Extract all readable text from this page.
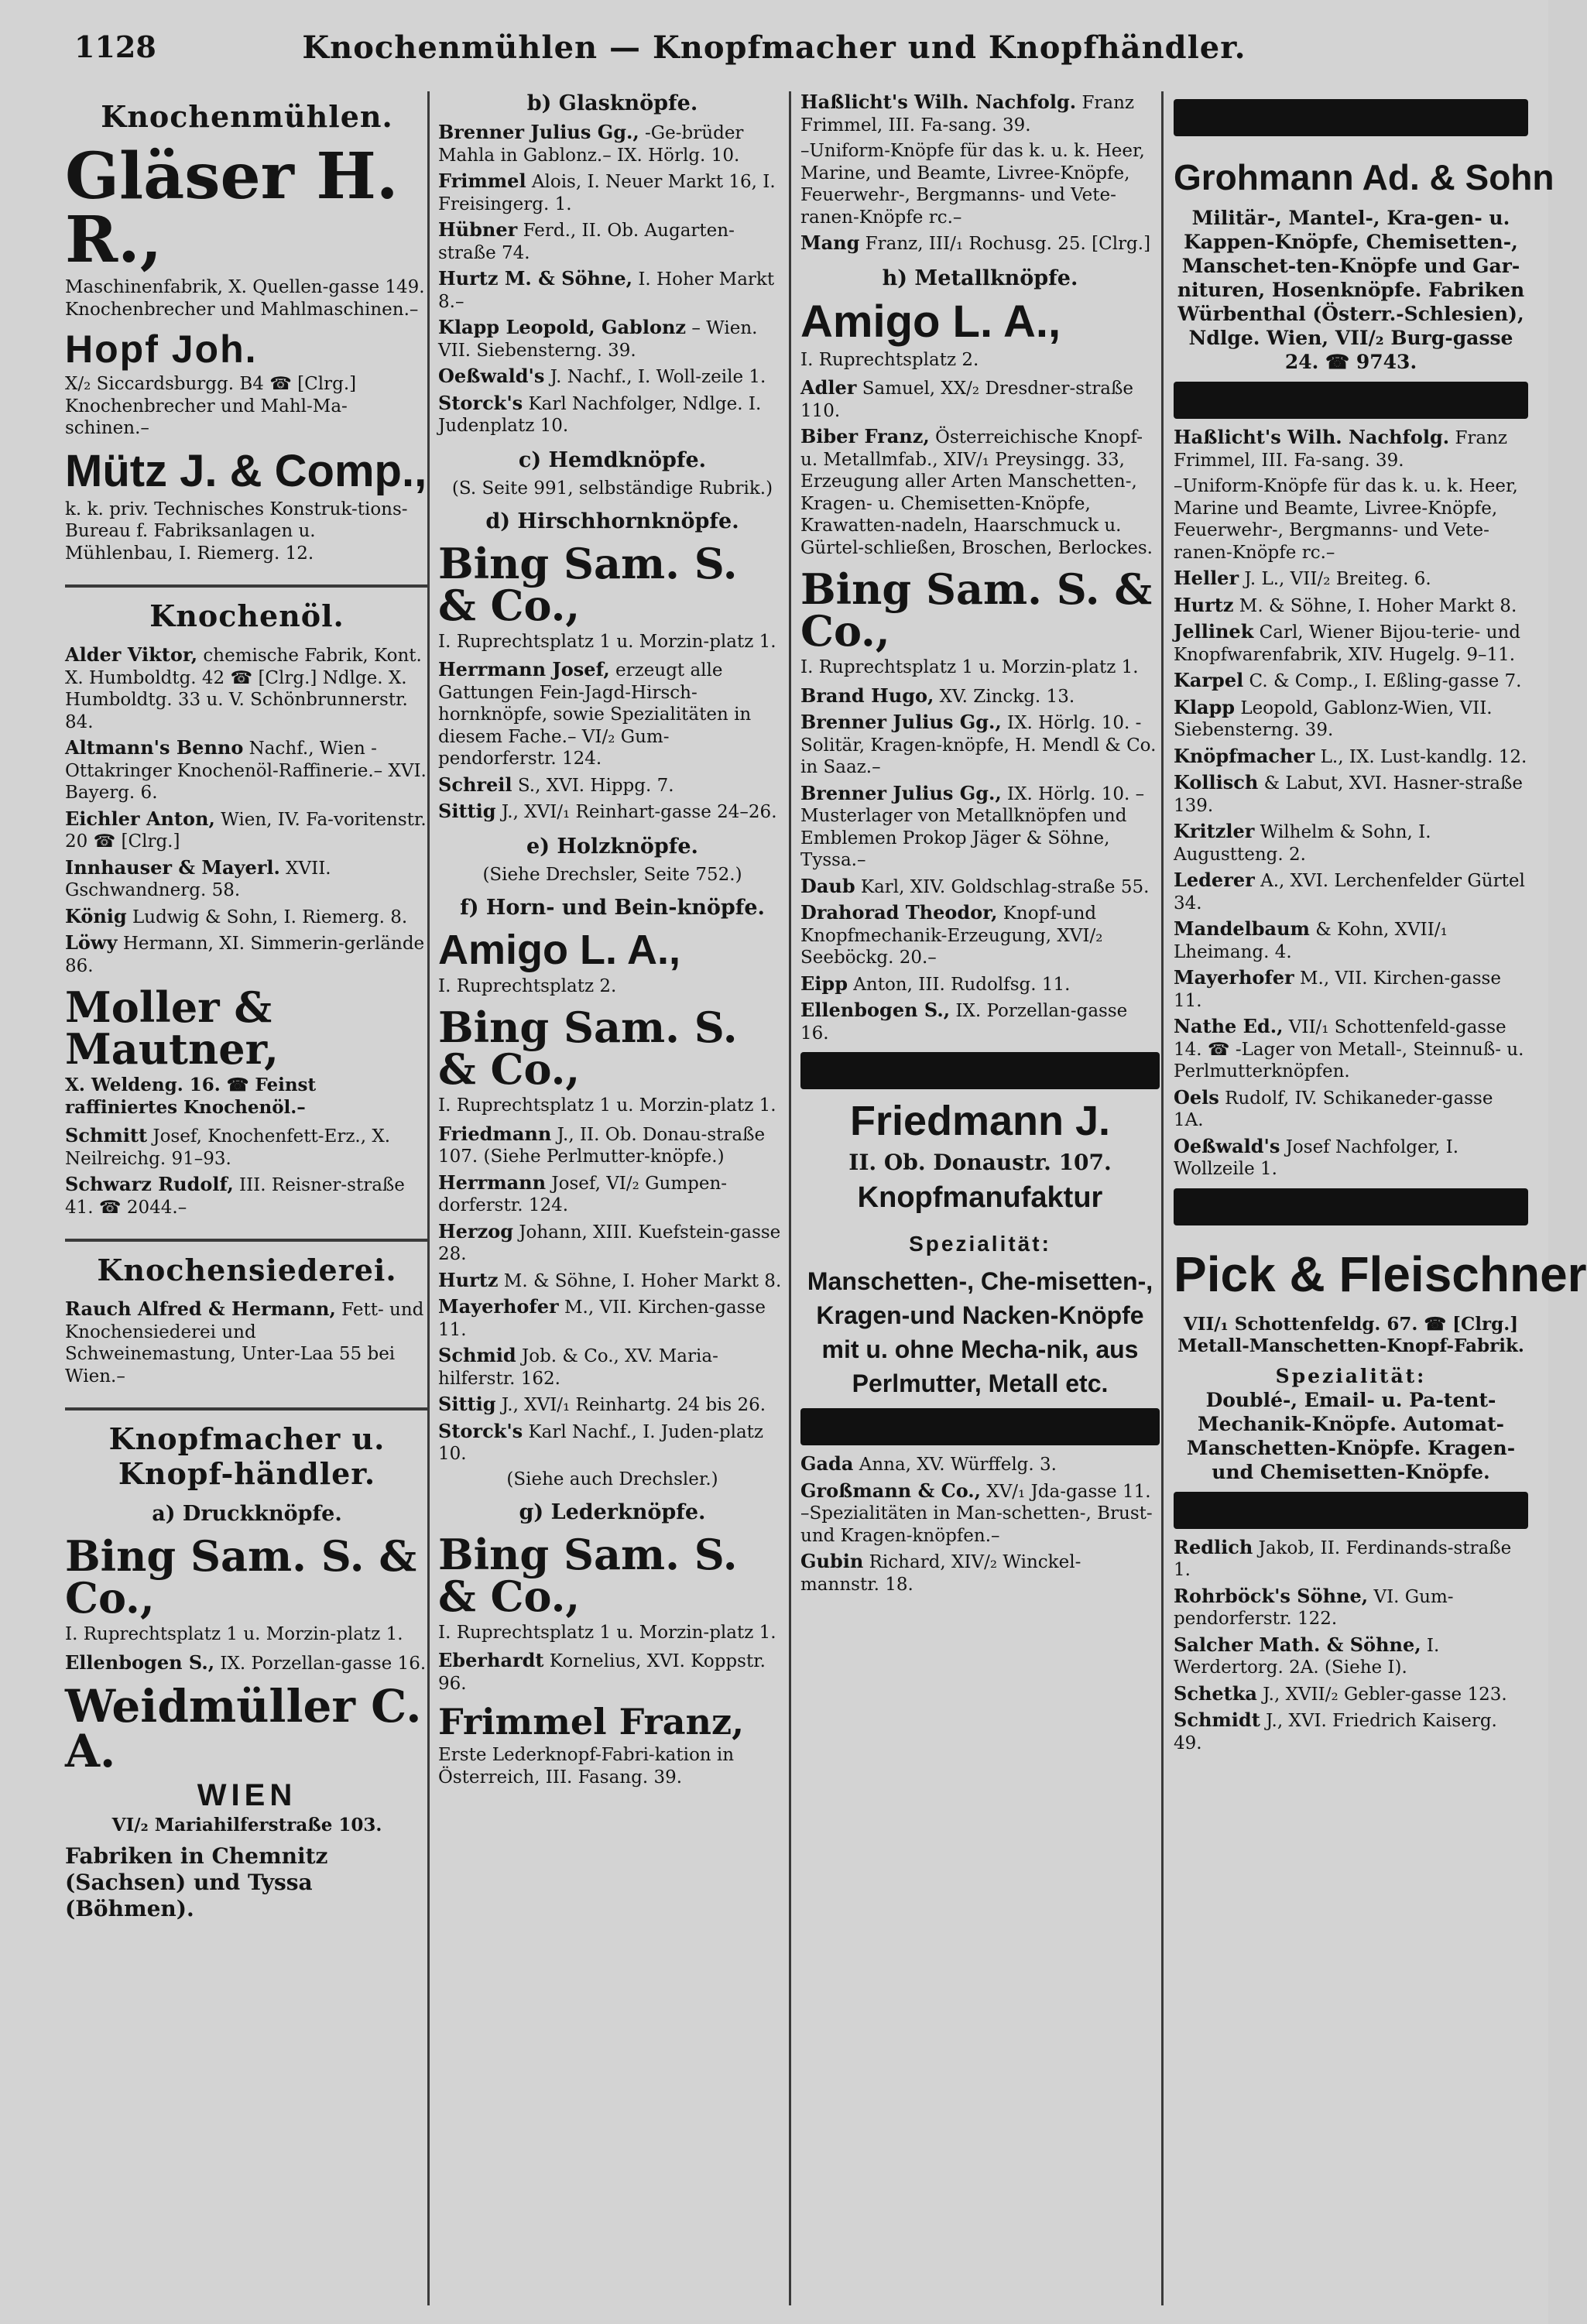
Knochenmühlen — Knopfmacher und Knopfhändler.
1128
Knochenmühlen.
Gläser H. R.,
Maschinenfabrik, X. Quellen-gasse 149. Knochenbrecher und Mahlmaschinen.–
Hopf Joh.
X/₂ Siccardsburgg. B4 ☎ [Clrg.] Knochenbrecher und Mahl-Ma-schinen.–
Mütz J. & Comp.,
k. k. priv. Technisches Konstruk-tions-Bureau f. Fabriksanlagen u. Mühlenbau, I. Riemerg. 12.
Knochenöl.
Alder Viktor, chemische Fabrik, Kont. X. Humboldtg. 42 ☎ [Clrg.] Ndlge. X. Humboldtg. 33 u. V. Schönbrunnerstr. 84.
Altmann's Benno Nachf., Wien - Ottakringer Knochenöl-Raffinerie.– XVI. Bayerg. 6.
Eichler Anton, Wien, IV. Fa-voritenstr. 20 ☎ [Clrg.]
Innhauser & Mayerl. XVII. Gschwandnerg. 58.
König Ludwig & Sohn, I. Riemerg. 8.
Löwy Hermann, XI. Simmerin-gerlände 86.
Moller & Mautner,
X. Weldeng. 16. ☎ Feinst raffiniertes Knochenöl.–
Schmitt Josef, Knochenfett-Erz., X. Neilreichg. 91–93.
Schwarz Rudolf, III. Reisner-straße 41. ☎ 2044.–
Knochensiederei.
Rauch Alfred & Hermann, Fett- und Knochensiederei und Schweinemastung, Unter-Laa 55 bei Wien.–
Knopfmacher u. Knopf-händler.
a) Druckknöpfe.
Bing Sam. S. & Co.,
I. Ruprechtsplatz 1 u. Morzin-platz 1.
Ellenbogen S., IX. Porzellan-gasse 16.
Weidmüller C. A.
WIEN
VI/₂ Mariahilferstraße 103.
Fabriken in Chemnitz (Sachsen) und Tyssa (Böhmen).
b) Glasknöpfe.
Brenner Julius Gg., -Ge-brüder Mahla in Gablonz.– IX. Hörlg. 10.
Frimmel Alois, I. Neuer Markt 16, I. Freisingerg. 1.
Hübner Ferd., II. Ob. Augarten-straße 74.
Hurtz M. & Söhne, I. Hoher Markt 8.–
Klapp Leopold, Gablonz – Wien. VII. Siebensterng. 39.
Oeßwald's J. Nachf., I. Woll-zeile 1.
Storck's Karl Nachfolger, Ndlge. I. Judenplatz 10.
c) Hemdknöpfe.
(S. Seite 991, selbständige Rubrik.)
d) Hirschhornknöpfe.
Bing Sam. S. & Co.,
I. Ruprechtsplatz 1 u. Morzin-platz 1.
Herrmann Josef, erzeugt alle Gattungen Fein-Jagd-Hirsch-hornknöpfe, sowie Spezialitäten in diesem Fache.– VI/₂ Gum-pendorferstr. 124.
Schreil S., XVI. Hippg. 7.
Sittig J., XVI/₁ Reinhart-gasse 24–26.
e) Holzknöpfe.
(Siehe Drechsler, Seite 752.)
f) Horn- und Bein-knöpfe.
Amigo L. A.,
I. Ruprechtsplatz 2.
Bing Sam. S. & Co.,
I. Ruprechtsplatz 1 u. Morzin-platz 1.
Friedmann J., II. Ob. Donau-straße 107. (Siehe Perlmutter-knöpfe.)
Herrmann Josef, VI/₂ Gumpen-dorferstr. 124.
Herzog Johann, XIII. Kuefstein-gasse 28.
Hurtz M. & Söhne, I. Hoher Markt 8.
Mayerhofer M., VII. Kirchen-gasse 11.
Schmid Job. & Co., XV. Maria-hilferstr. 162.
Sittig J., XVI/₁ Reinhartg. 24 bis 26.
Storck's Karl Nachf., I. Juden-platz 10.
(Siehe auch Drechsler.)
g) Lederknöpfe.
Bing Sam. S. & Co.,
I. Ruprechtsplatz 1 u. Morzin-platz 1.
Eberhardt Kornelius, XVI. Koppstr. 96.
Frimmel Franz,
Erste Lederknopf-Fabri-kation in Österreich, III. Fasang. 39.
Haßlicht's Wilh. Nachfolg. Franz Frimmel, III. Fa-sang. 39.
–Uniform-Knöpfe für das k. u. k. Heer, Marine, und Beamte, Livree-Knöpfe, Feuerwehr-, Bergmanns- und Vete-ranen-Knöpfe rc.–
Mang Franz, III/₁ Rochusg. 25. [Clrg.]
h) Metallknöpfe.
Amigo L. A.,
I. Ruprechtsplatz 2.
Adler Samuel, XX/₂ Dresdner-straße 110.
Biber Franz, Österreichische Knopf- u. Metallmfab., XIV/₁ Preysingg. 33, Erzeugung aller Arten Manschetten-, Kragen- u. Chemisetten-Knöpfe, Krawatten-nadeln, Haarschmuck u. Gürtel-schließen, Broschen, Berlockes.
Bing Sam. S. & Co.,
I. Ruprechtsplatz 1 u. Morzin-platz 1.
Brand Hugo, XV. Zinckg. 13.
Brenner Julius Gg., IX. Hörlg. 10. -Solitär, Kragen-knöpfe, H. Mendl & Co. in Saaz.–
Brenner Julius Gg., IX. Hörlg. 10. –Musterlager von Metallknöpfen und Emblemen Prokop Jäger & Söhne, Tyssa.–
Daub Karl, XIV. Goldschlag-straße 55.
Drahorad Theodor, Knopf-und Knopfmechanik-Erzeugung, XVI/₂ Seeböckg. 20.–
Eipp Anton, III. Rudolfsg. 11.
Ellenbogen S., IX. Porzellan-gasse 16.
Friedmann J.
II. Ob. Donaustr. 107.
Knopfmanufaktur
Spezialität:
Manschetten-, Che-misetten-, Kragen-und Nacken-Knöpfe mit u. ohne Mecha-nik, aus Perlmutter, Metall etc.
Gada Anna, XV. Würffelg. 3.
Großmann & Co., XV/₁ Jda-gasse 11. –Spezialitäten in Man-schetten-, Brust- und Kragen-knöpfen.–
Gubin Richard, XIV/₂ Winckel-mannstr. 18.
Grohmann Ad. & Sohn
Militär-, Mantel-, Kra-gen- u. Kappen-Knöpfe, Chemisetten-, Manschet-ten-Knöpfe und Gar-nituren, Hosenknöpfe. Fabriken Würbenthal (Österr.-Schlesien), Ndlge. Wien, VII/₂ Burg-gasse 24. ☎ 9743.
Haßlicht's Wilh. Nachfolg. Franz Frimmel, III. Fa-sang. 39.
–Uniform-Knöpfe für das k. u. k. Heer, Marine und Beamte, Livree-Knöpfe, Feuerwehr-, Bergmanns- und Vete-ranen-Knöpfe rc.–
Heller J. L., VII/₂ Breiteg. 6.
Hurtz M. & Söhne, I. Hoher Markt 8.
Jellinek Carl, Wiener Bijou-terie- und Knopfwarenfabrik, XIV. Hugelg. 9–11.
Karpel C. & Comp., I. Eßling-gasse 7.
Klapp Leopold, Gablonz-Wien, VII. Siebensterng. 39.
Knöpfmacher L., IX. Lust-kandlg. 12.
Kollisch & Labut, XVI. Hasner-straße 139.
Kritzler Wilhelm & Sohn, I. Augustteng. 2.
Lederer A., XVI. Lerchenfelder Gürtel 34.
Mandelbaum & Kohn, XVII/₁ Lheimang. 4.
Mayerhofer M., VII. Kirchen-gasse 11.
Nathe Ed., VII/₁ Schottenfeld-gasse 14. ☎ -Lager von Metall-, Steinnuß- u. Perlmutterknöpfen.
Oels Rudolf, IV. Schikaneder-gasse 1A.
Oeßwald's Josef Nachfolger, I. Wollzeile 1.
Pick & Fleischner
VII/₁ Schottenfeldg. 67. ☎ [Clrg.] Metall-Manschetten-Knopf-Fabrik.
Spezialität:
Doublé-, Email- u. Pa-tent-Mechanik-Knöpfe. Automat-Manschetten-Knöpfe. Kragen- und Chemisetten-Knöpfe.
Redlich Jakob, II. Ferdinands-straße 1.
Rohrböck's Söhne, VI. Gum-pendorferstr. 122.
Salcher Math. & Söhne, I. Werdertorg. 2A. (Siehe I).
Schetka J., XVII/₂ Gebler-gasse 123.
Schmidt J., XVI. Friedrich Kaiserg. 49.
